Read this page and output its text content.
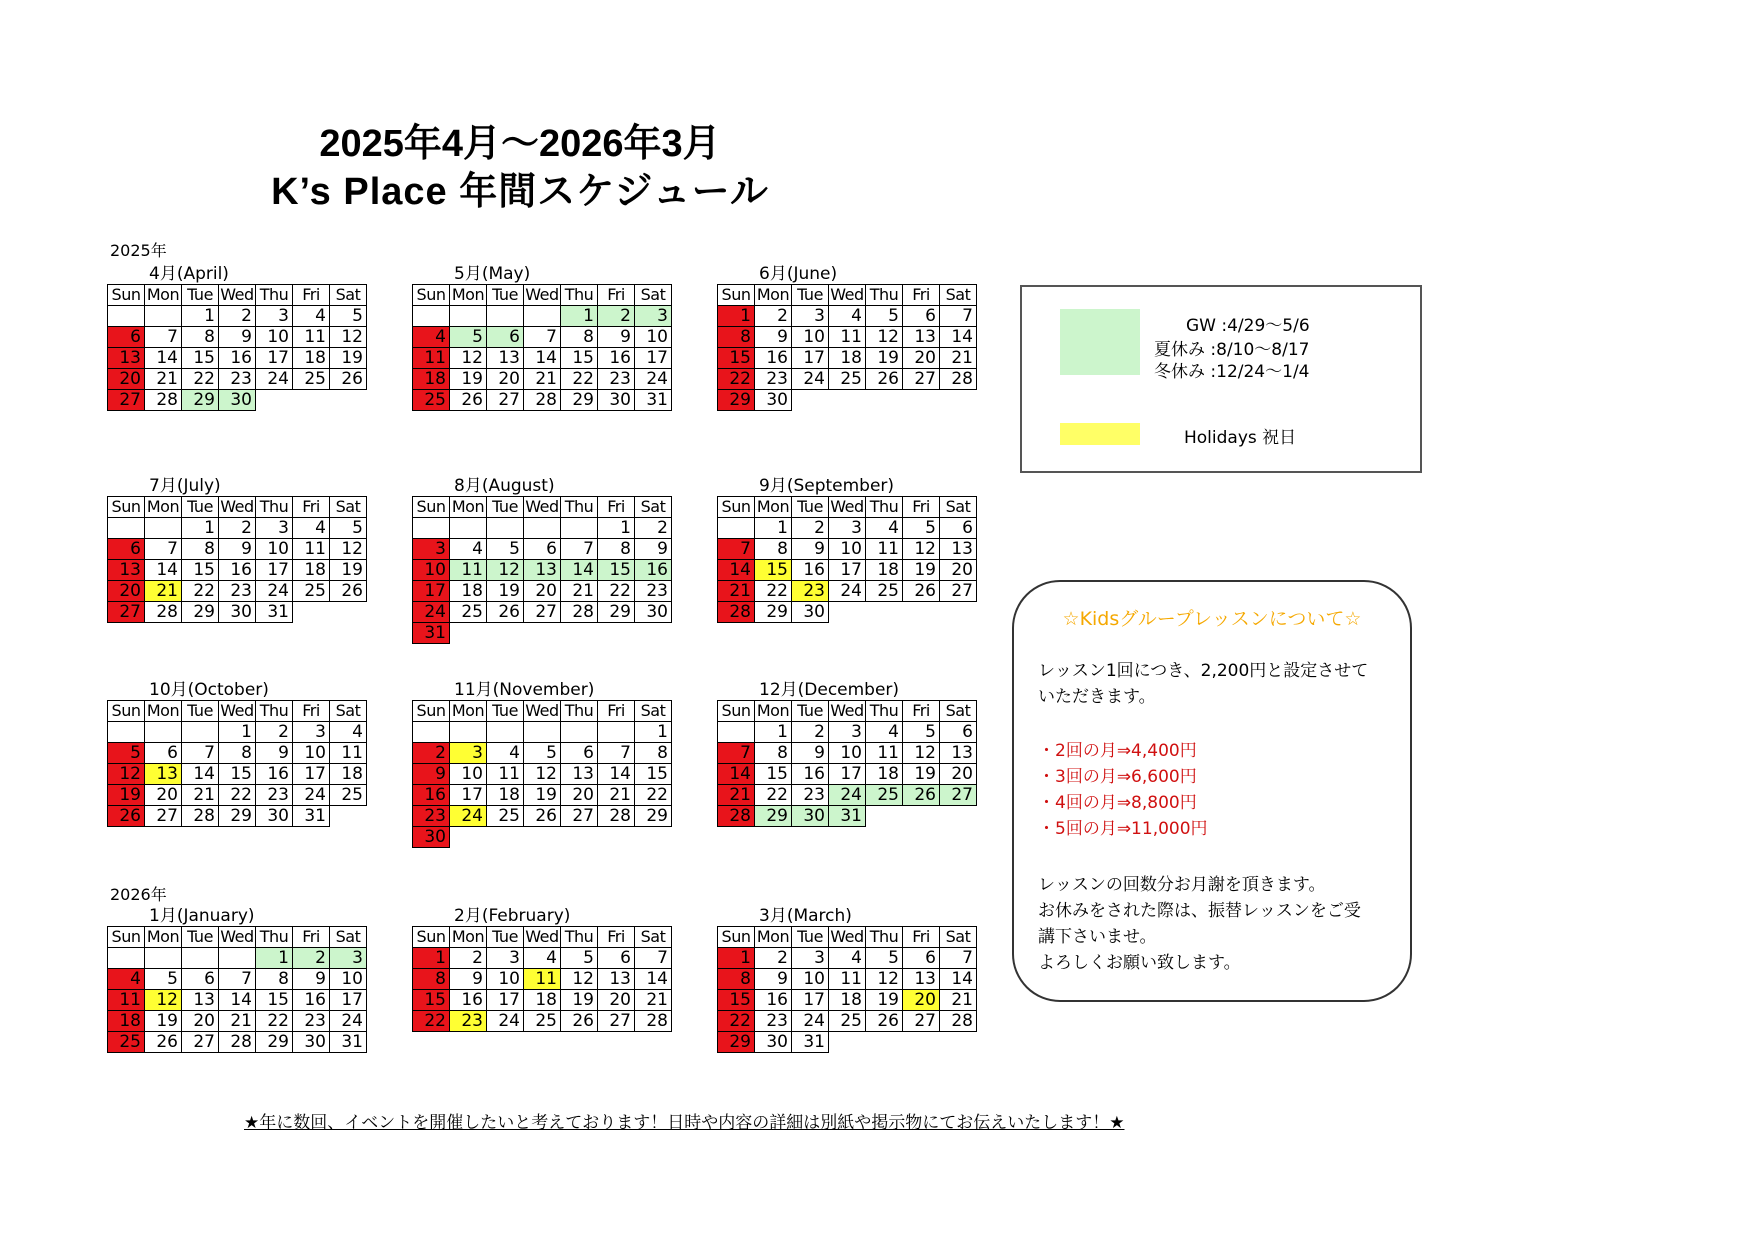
2025年4月～2026年3月
K’s Place 年間スケジュール
2025年
2026年
4月(April)
Sun	Mon	Tue	Wed	Thu	Fri	Sat
		1	2	3	4	5
6	7	8	9	10	11	12
13	14	15	16	17	18	19
20	21	22	23	24	25	26
27	28	29	30			
5月(May)
Sun	Mon	Tue	Wed	Thu	Fri	Sat
				1	2	3
4	5	6	7	8	9	10
11	12	13	14	15	16	17
18	19	20	21	22	23	24
25	26	27	28	29	30	31
6月(June)
Sun	Mon	Tue	Wed	Thu	Fri	Sat
1	2	3	4	5	6	7
8	9	10	11	12	13	14
15	16	17	18	19	20	21
22	23	24	25	26	27	28
29	30					
7月(July)
Sun	Mon	Tue	Wed	Thu	Fri	Sat
		1	2	3	4	5
6	7	8	9	10	11	12
13	14	15	16	17	18	19
20	21	22	23	24	25	26
27	28	29	30	31		
8月(August)
Sun	Mon	Tue	Wed	Thu	Fri	Sat
					1	2
3	4	5	6	7	8	9
10	11	12	13	14	15	16
17	18	19	20	21	22	23
24	25	26	27	28	29	30
31						
9月(September)
Sun	Mon	Tue	Wed	Thu	Fri	Sat
	1	2	3	4	5	6
7	8	9	10	11	12	13
14	15	16	17	18	19	20
21	22	23	24	25	26	27
28	29	30				
10月(October)
Sun	Mon	Tue	Wed	Thu	Fri	Sat
			1	2	3	4
5	6	7	8	9	10	11
12	13	14	15	16	17	18
19	20	21	22	23	24	25
26	27	28	29	30	31	
11月(November)
Sun	Mon	Tue	Wed	Thu	Fri	Sat
						1
2	3	4	5	6	7	8
9	10	11	12	13	14	15
16	17	18	19	20	21	22
23	24	25	26	27	28	29
30						
12月(December)
Sun	Mon	Tue	Wed	Thu	Fri	Sat
	1	2	3	4	5	6
7	8	9	10	11	12	13
14	15	16	17	18	19	20
21	22	23	24	25	26	27
28	29	30	31			
1月(January)
Sun	Mon	Tue	Wed	Thu	Fri	Sat
				1	2	3
4	5	6	7	8	9	10
11	12	13	14	15	16	17
18	19	20	21	22	23	24
25	26	27	28	29	30	31
2月(February)
Sun	Mon	Tue	Wed	Thu	Fri	Sat
1	2	3	4	5	6	7
8	9	10	11	12	13	14
15	16	17	18	19	20	21
22	23	24	25	26	27	28
3月(March)
Sun	Mon	Tue	Wed	Thu	Fri	Sat
1	2	3	4	5	6	7
8	9	10	11	12	13	14
15	16	17	18	19	20	21
22	23	24	25	26	27	28
29	30	31				
GW :4/29～5/6
夏休み :8/10～8/17
冬休み :12/24～1/4
Holidays 祝日
☆Kidsグループレッスンについて☆

レッスン1回につき、2,200円と設定させて

いただきます。

・2回の月⇒4,400円

・3回の月⇒6,600円

・4回の月⇒8,800円

・5回の月⇒11,000円

レッスンの回数分お月謝を頂きます。

お休みをされた際は、振替レッスンをご受

講下さいませ。

よろしくお願い致します。

★年に数回、イベントを開催したいと考えております！日時や内容の詳細は別紙や掲示物にてお伝えいたします！★
